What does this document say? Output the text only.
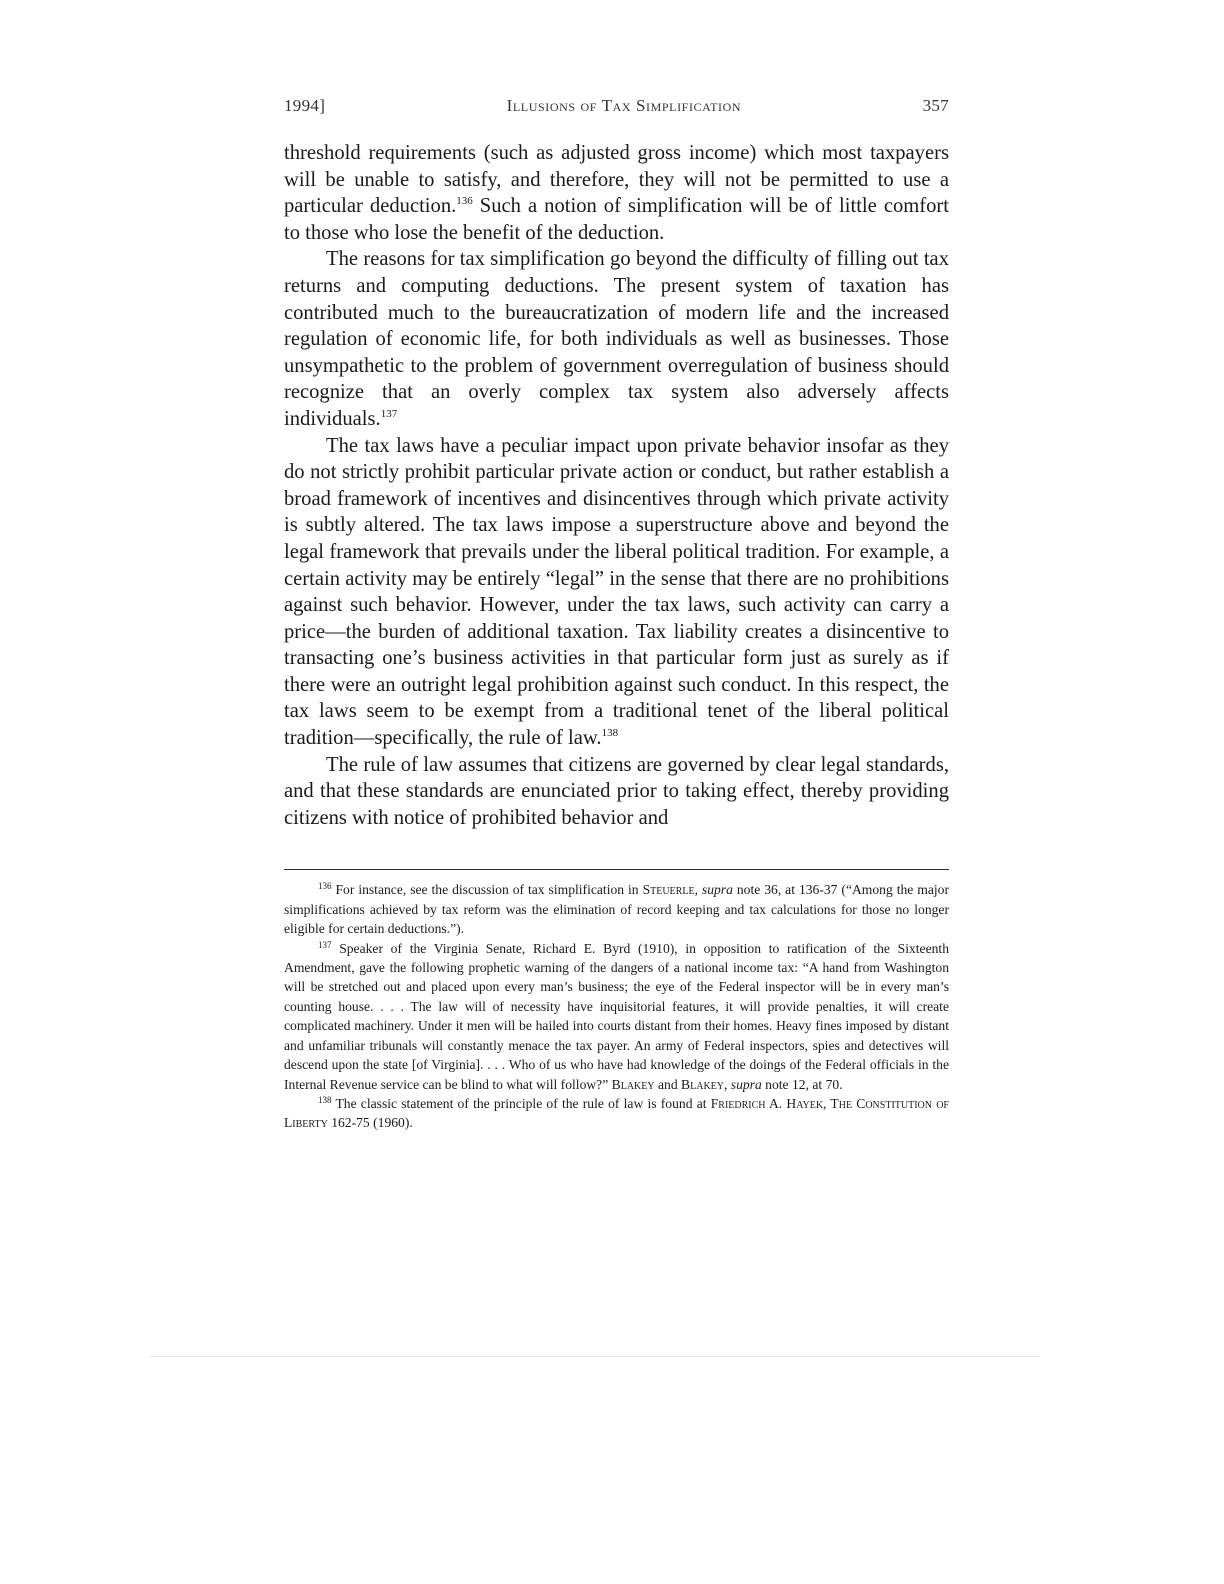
1994]	Illusions of Tax Simplification	357

threshold requirements (such as adjusted gross income) which most taxpayers will be unable to satisfy, and therefore, they will not be permitted to use a particular deduction.$^{136}$ Such a notion of simplification will be of little comfort to those who lose the benefit of the deduction.

The reasons for tax simplification go beyond the difficulty of filling out tax returns and computing deductions. The present system of taxation has contributed much to the bureaucratization of modern life and the increased regulation of economic life, for both individuals as well as businesses. Those unsympathetic to the problem of government overregulation of business should recognize that an overly complex tax system also adversely affects individuals.$^{137}$

The tax laws have a peculiar impact upon private behavior insofar as they do not strictly prohibit particular private action or conduct, but rather establish a broad framework of incentives and disincentives through which private activity is subtly altered. The tax laws impose a superstructure above and beyond the legal framework that prevails under the liberal political tradition. For example, a certain activity may be entirely “legal” in the sense that there are no prohibitions against such behavior. However, under the tax laws, such activity can carry a price—the burden of additional taxation. Tax liability creates a disincentive to transacting one’s business activities in that particular form just as surely as if there were an outright legal prohibition against such conduct. In this respect, the tax laws seem to be exempt from a traditional tenet of the liberal political tradition—specifically, the rule of law.$^{138}$

The rule of law assumes that citizens are governed by clear legal standards, and that these standards are enunciated prior to taking effect, thereby providing citizens with notice of prohibited behavior and

$^{136}$ For instance, see the discussion of tax simplification in Steuerle, supra note 36, at 136-37 (“Among the major simplifications achieved by tax reform was the elimination of record keeping and tax calculations for those no longer eligible for certain deductions.”).

$^{137}$ Speaker of the Virginia Senate, Richard E. Byrd (1910), in opposition to ratification of the Sixteenth Amendment, gave the following prophetic warning of the dangers of a national income tax: “A hand from Washington will be stretched out and placed upon every man’s business; the eye of the Federal inspector will be in every man’s counting house. . . . The law will of necessity have inquisitorial features, it will provide penalties, it will create complicated machinery. Under it men will be hailed into courts distant from their homes. Heavy fines imposed by distant and unfamiliar tribunals will constantly menace the tax payer. An army of Federal inspectors, spies and detectives will descend upon the state [of Virginia]. . . . Who of us who have had knowledge of the doings of the Federal officials in the Internal Revenue service can be blind to what will follow?” Blakey and Blakey, supra note 12, at 70.

$^{138}$ The classic statement of the principle of the rule of law is found at Friedrich A. Hayek, The Constitution of Liberty 162-75 (1960).
